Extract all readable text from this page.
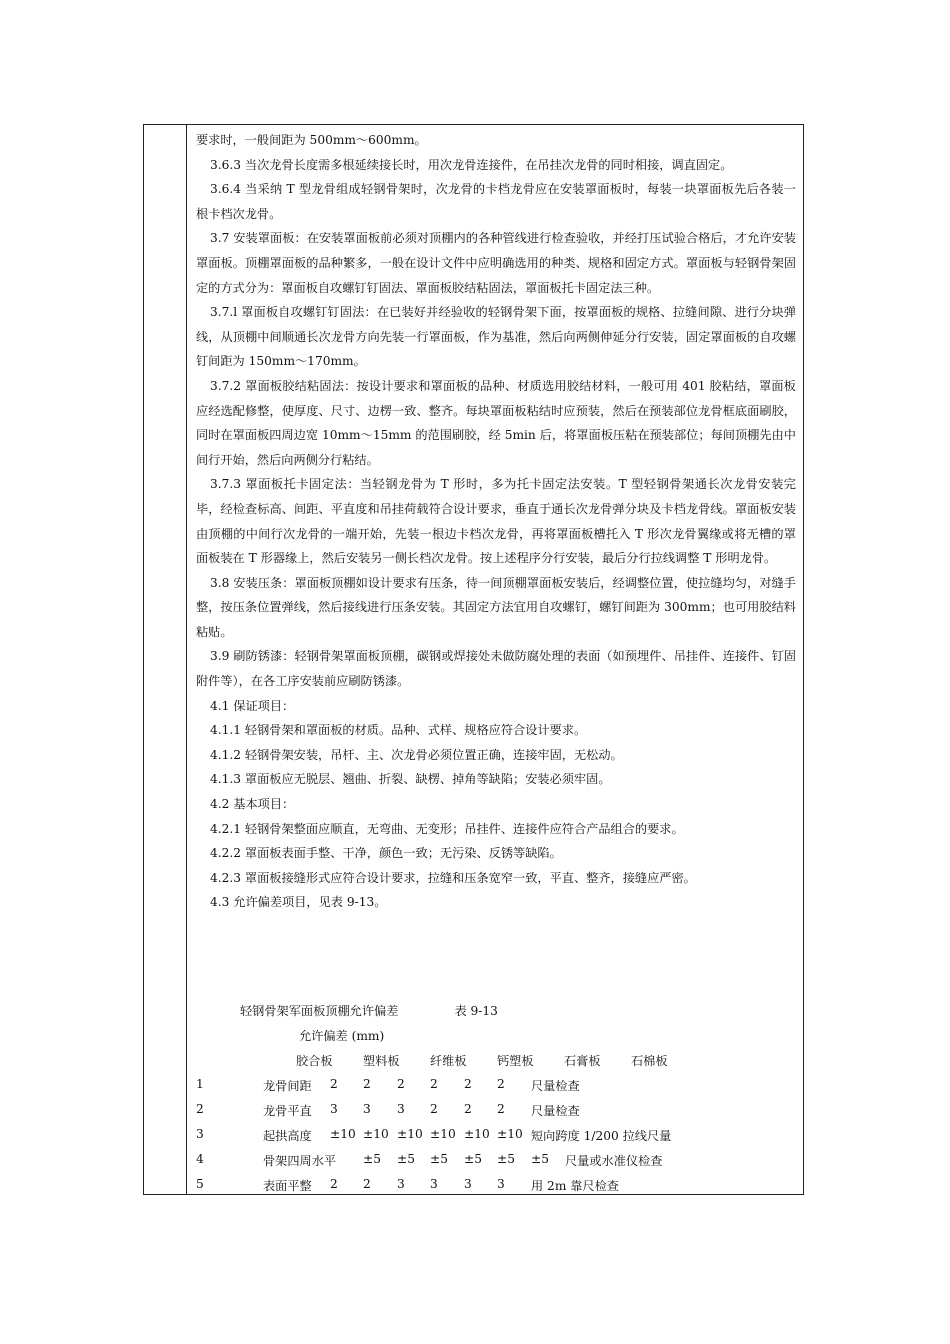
要求时，一般间距为 500mm～600mm。

3.6.3 当次龙骨长度需多根延续接长时，用次龙骨连接件，在吊挂次龙骨的同时相接，调直固定。

3.6.4 当采纳 T 型龙骨组成轻钢骨架时，次龙骨的卡档龙骨应在安装罩面板时，每装一块罩面板先后各装一根卡档次龙骨。

3.7 安装罩面板：在安装罩面板前必须对顶棚内的各种管线进行检查验收，并经打压试验合格后，才允许安装罩面板。顶棚罩面板的品种繁多，一般在设计文件中应明确选用的种类、规格和固定方式。罩面板与轻钢骨架固定的方式分为：罩面板自攻螺钉钉固法、罩面板胶结粘固法，罩面板托卡固定法三种。

3.7.l 罩面板自攻螺钉钉固法：在已装好并经验收的轻钢骨架下面，按罩面板的规格、拉缝间隙、进行分块弹线，从顶棚中间顺通长次龙骨方向先装一行罩面板，作为基准，然后向两侧伸延分行安装，固定罩面板的自攻螺钉间距为 150mm～170mm。

3.7.2 罩面板胶结粘固法：按设计要求和罩面板的品种、材质选用胶结材料，一般可用 401 胶粘结，罩面板应经选配修整，使厚度、尺寸、边楞一致、整齐。每块罩面板粘结时应预装，然后在预装部位龙骨框底面刷胶，同时在罩面板四周边宽 10mm～15mm 的范围刷胶，经 5min 后，将罩面板压粘在预装部位；每间顶棚先由中间行开始，然后向两侧分行粘结。

3.7.3 罩面板托卡固定法：当轻钢龙骨为 T 形时，多为托卡固定法安装。T 型轻钢骨架通长次龙骨安装完毕，经检查标高、间距、平直度和吊挂荷载符合设计要求，垂直于通长次龙骨弹分块及卡档龙骨线。罩面板安装由顶棚的中间行次龙骨的一端开始，先装一根边卡档次龙骨，再将罩面板槽托入 T 形次龙骨翼缘或将无槽的罩面板装在 T 形器缘上，然后安装另一侧长档次龙骨。按上述程序分行安装，最后分行拉线调整 T 形明龙骨。

3.8 安装压条：罩面板顶棚如设计要求有压条，待一间顶棚罩面板安装后，经调整位置，使拉缝均匀，对缝手整，按压条位置弹线，然后接线进行压条安装。其固定方法宜用自攻螺钉，螺钉间距为 300mm；也可用胶结料粘贴。

3.9 刷防锈漆：轻钢骨架罩面板顶棚，碳钢或焊接处未做防腐处理的表面（如预埋件、吊挂件、连接件、钉固附件等），在各工序安装前应刷防锈漆。

4.1 保证项目：

4.1.1 轻钢骨架和罩面板的材质。品种、式样、规格应符合设计要求。

4.1.2 轻钢骨架安装，吊杆、主、次龙骨必须位置正确，连接牢固，无松动。

4.1.3 罩面板应无脱层、翘曲、折裂、缺楞、掉角等缺陷；安装必须牢固。

4.2 基本项目：

4.2.1 轻钢骨架整面应顺直，无弯曲、无变形；吊挂件、连接件应符合产品组合的要求。

4.2.2 罩面板表面手整、干净，颜色一致；无污染、反锈等缺陷。

4.2.3 罩面板接缝形式应符合设计要求，拉缝和压条宽窄一致，平直、整齐，接缝应严密。

4.3 允许偏差项目，见表 9-13。

轻钢骨架军面板顶棚允许偏差	表 9-13
允许偏差 (mm)
胶合板 塑料板 纤维板 钙塑板 石膏板 石棉板
1	龙骨间距 2 2 2 2 2 2 尺量检查
2	龙骨平直 3 3 3 2 2 2 尺量检查
3	起拱高度 ±10 ±10 ±10 ±10 ±10 ±10 短向跨度 1/200 拉线尺量
4	骨架四周水平 ±5 ±5 ±5 ±5 ±5 ±5 尺量或水准仪检查
5	表面平整 2 2 3 3 3 3 用 2m 靠尺检查
